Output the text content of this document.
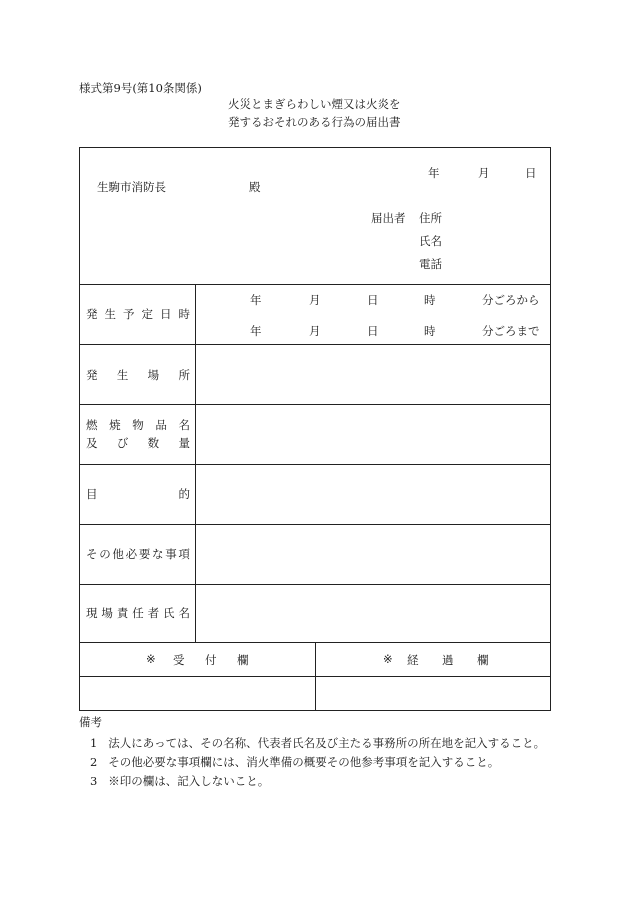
様式第9号(第10条関係)
火災とまぎらわしい煙又は火炎を
発するおそれのある行為の届出書
年	月	日
生駒市消防長	殿
届出者 住所
氏名
電話
発 生 予 定 日 時
年	月	日	時	分ごろから
年	月	日	時	分ごろまで
発 生 場 所
燃 焼 物 品 名
及 び 数 量
目	的
そ の 他 必 要 な 事 項
現 場 責 任 者 氏 名
※ 受 付 欄	※ 経 過 欄
備考
1 法人にあっては、その名称、代表者氏名及び主たる事務所の所在地を記入すること。
2 その他必要な事項欄には、消火準備の概要その他参考事項を記入すること。
3 ※印の欄は、記入しないこと。
